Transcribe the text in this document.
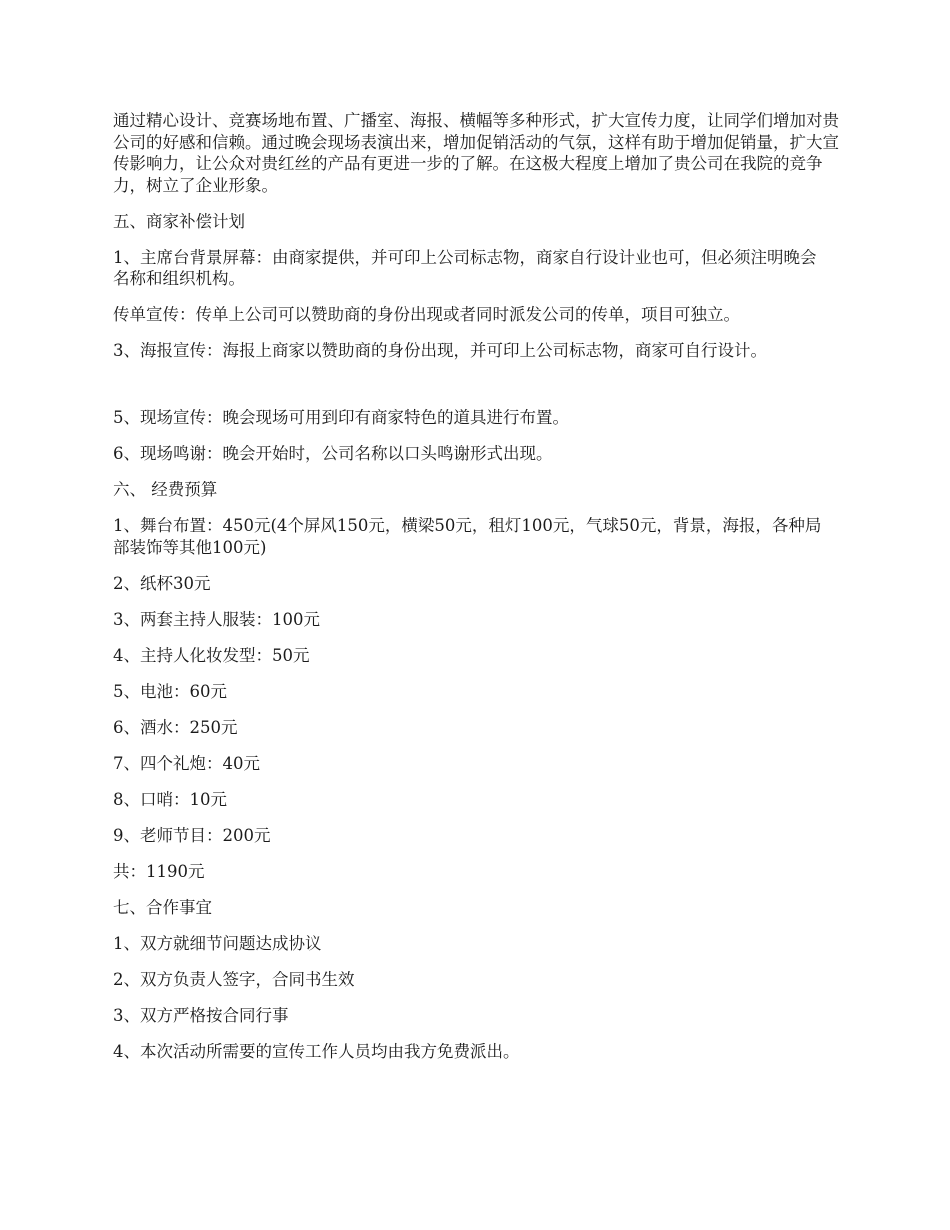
通过精心设计、竞赛场地布置、广播室、海报、横幅等多种形式，扩大宣传力度，让同学们增加对贵公司的好感和信赖。通过晚会现场表演出来，增加促销活动的气氛，这样有助于增加促销量，扩大宣传影响力，让公众对贵红丝的产品有更进一步的了解。在这极大程度上增加了贵公司在我院的竞争力，树立了企业形象。

五、商家补偿计划

1、主席台背景屏幕：由商家提供，并可印上公司标志物，商家自行设计业也可，但必须注明晚会名称和组织机构。

传单宣传：传单上公司可以赞助商的身份出现或者同时派发公司的传单，项目可独立。

3、海报宣传：海报上商家以赞助商的身份出现，并可印上公司标志物，商家可自行设计。

5、现场宣传：晚会现场可用到印有商家特色的道具进行布置。

6、现场鸣谢：晚会开始时，公司名称以口头鸣谢形式出现。

六、 经费预算

1、舞台布置：450元(4个屏风150元，横梁50元，租灯100元，气球50元，背景，海报，各种局部装饰等其他100元)

2、纸杯30元

3、两套主持人服装：100元

4、主持人化妆发型：50元

5、电池：60元

6、酒水：250元

7、四个礼炮：40元

8、口哨：10元

9、老师节目：200元

共：1190元

七、合作事宜

1、双方就细节问题达成协议

2、双方负责人签字，合同书生效

3、双方严格按合同行事

4、本次活动所需要的宣传工作人员均由我方免费派出。
